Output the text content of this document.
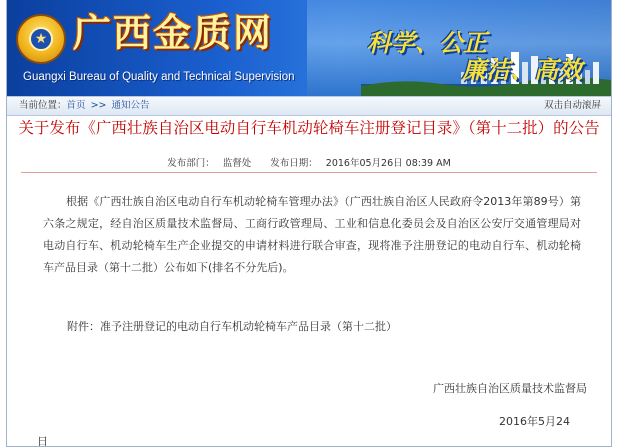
★ 广西金质网
Guangxi Bureau of Quality and Technical Supervision
科学、公正
廉洁、高效
当前位置：首页 >> 通知公告	双击自动滚屏
关于发布《广西壮族自治区电动自行车机动轮椅车注册登记目录》（第十二批）的公告
发布部门： 监督处 发布日期： 2016年05月26日 08:39 AM

根据《广西壮族自治区电动自行车机动轮椅车管理办法》（广西壮族自治区人民政府令2013年第89号）第六条之规定，经自治区质量技术监督局、工商行政管理局、工业和信息化委员会及自治区公安厅交通管理局对电动自行车、机动轮椅车生产企业提交的申请材料进行联合审查，现将准予注册登记的电动自行车、机动轮椅车产品目录（第十二批）公布如下(排名不分先后)。

附件：准予注册登记的电动自行车机动轮椅车产品目录（第十二批）
广西壮族自治区质量技术监督局
2016年5月24
日
